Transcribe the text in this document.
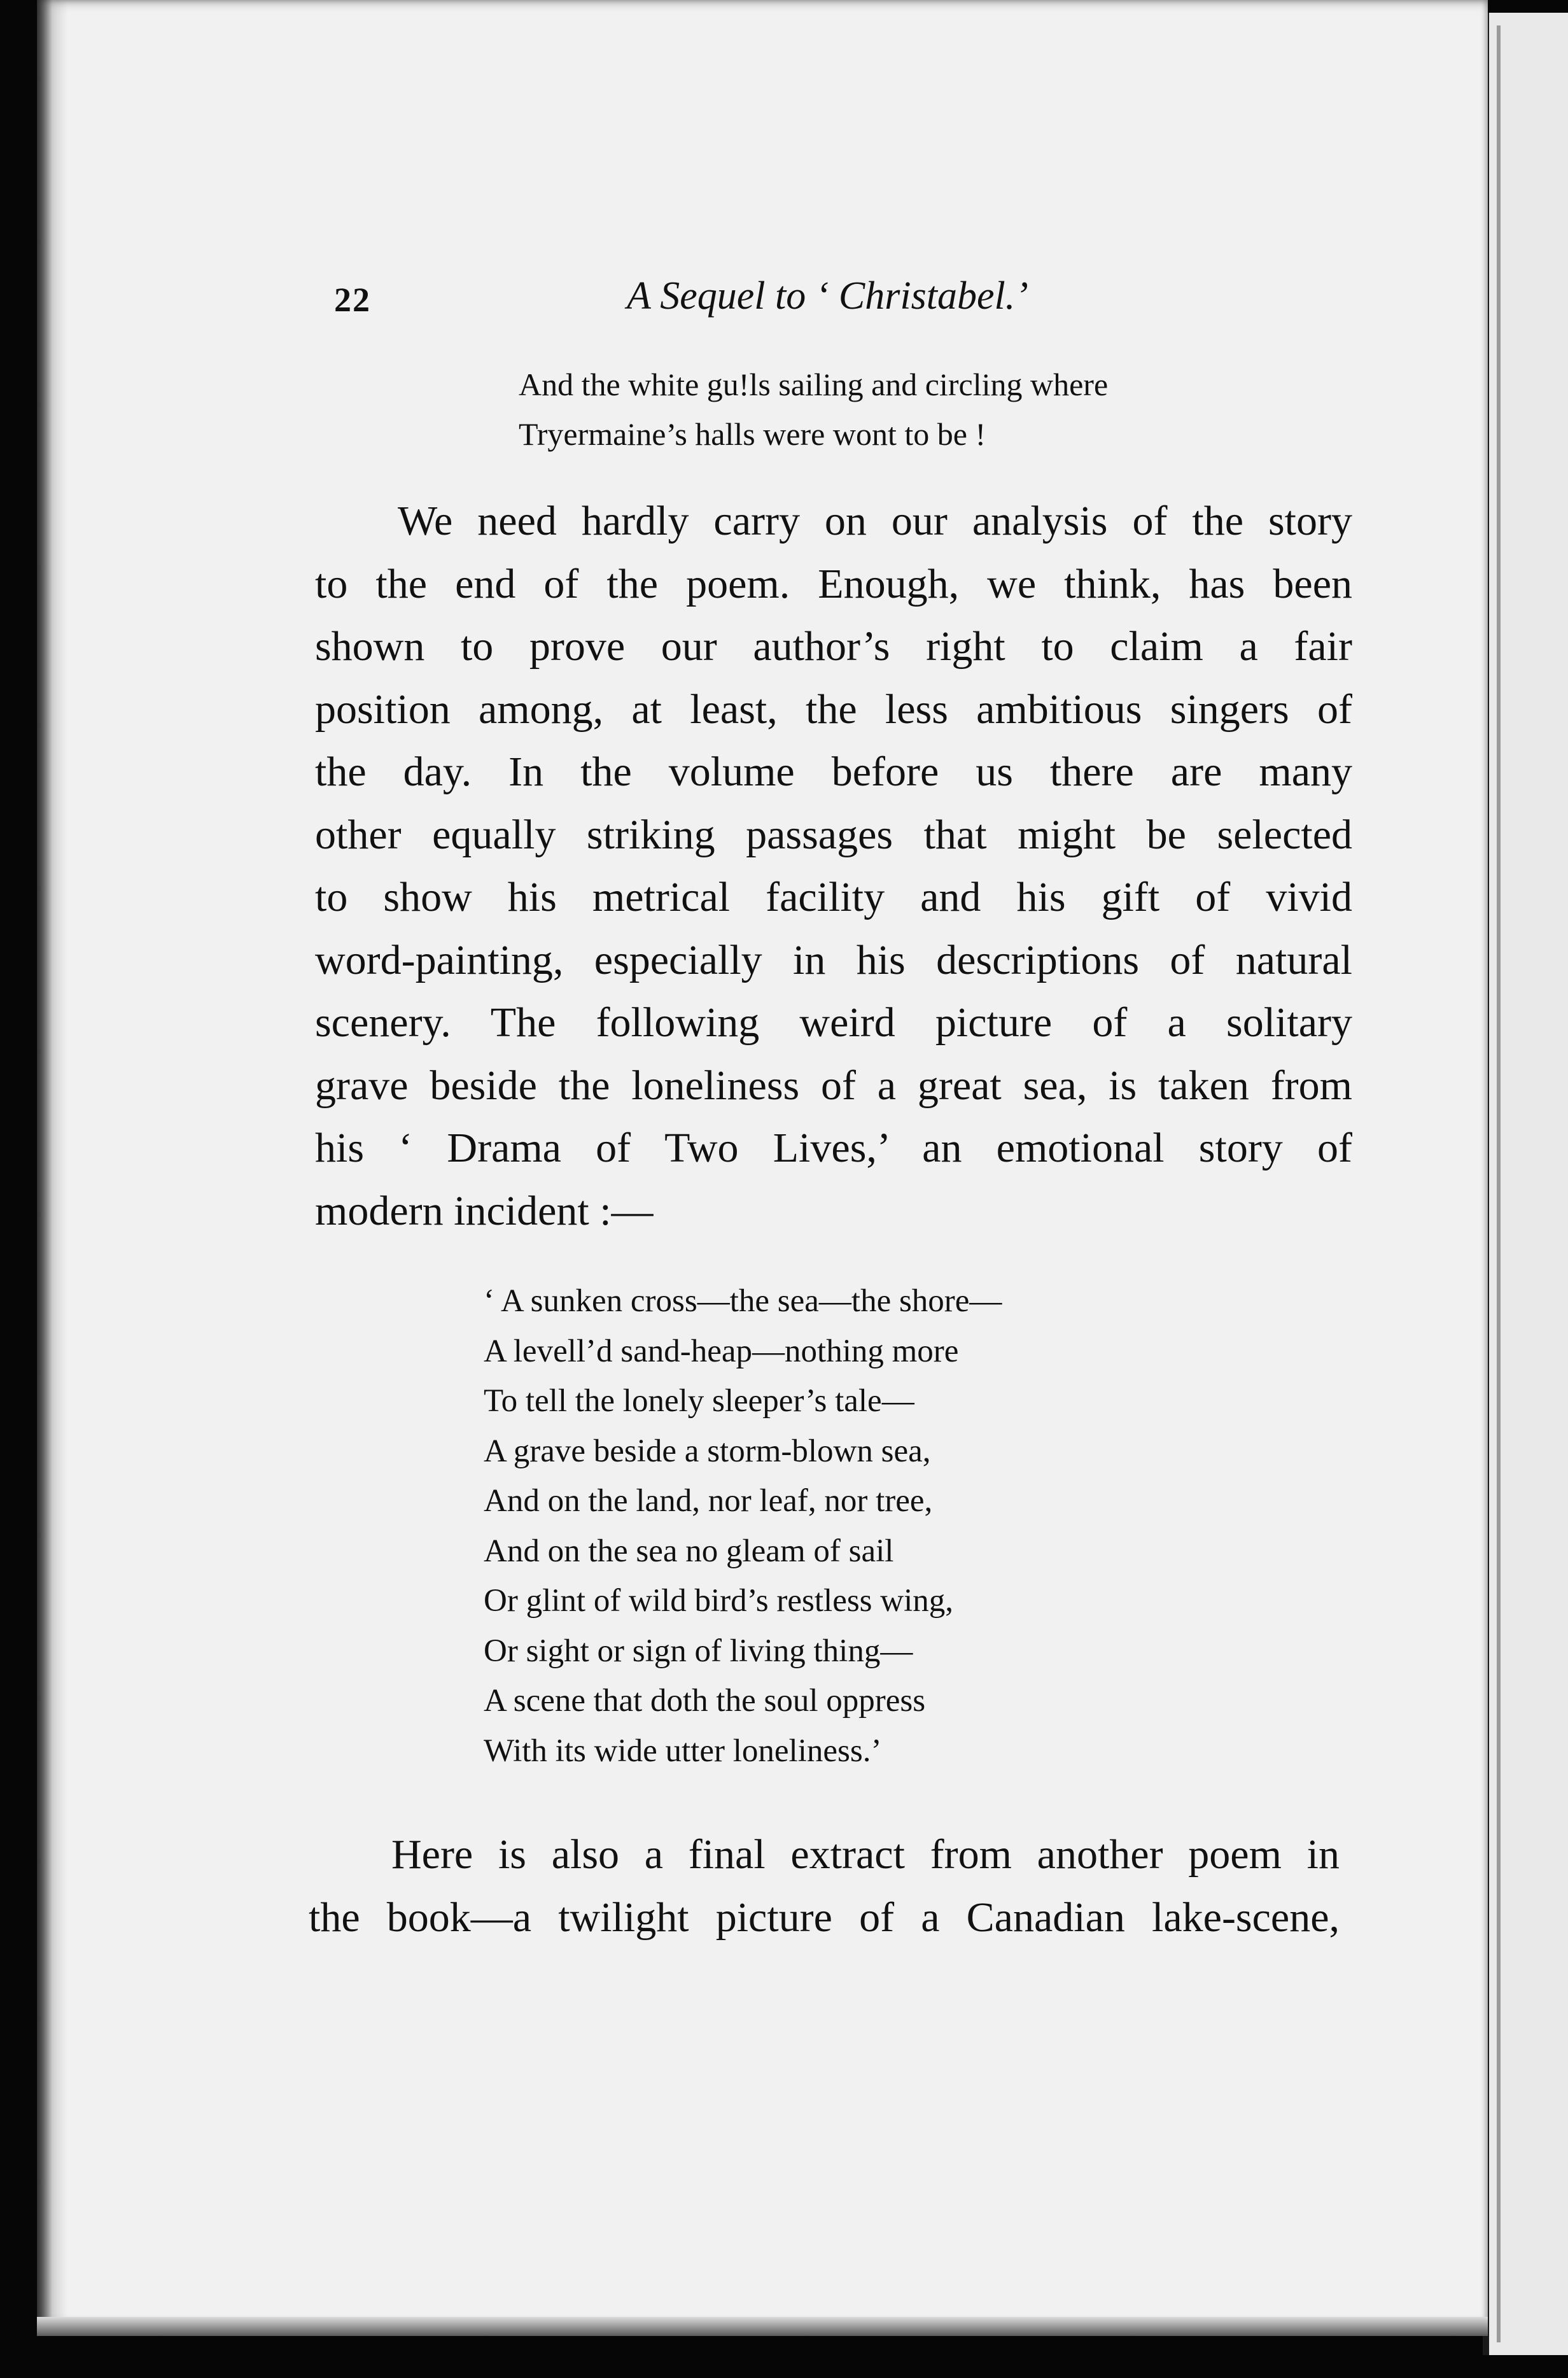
22	A Sequel to ‘ Christabel.’
And the white gu!ls sailing and circling where
Tryermaine’s halls were wont to be !
We need hardly carry on our analysis of the story
to the end of the poem. Enough, we think, has been
shown to prove our author’s right to claim a fair
position among, at least, the less ambitious singers of
the day. In the volume before us there are many
other equally striking passages that might be selected
to show his metrical facility and his gift of vivid
word-painting, especially in his descriptions of natural
scenery. The following weird picture of a solitary
grave beside the loneliness of a great sea, is taken from
his ‘ Drama of Two Lives,’ an emotional story of
modern incident :—
‘ A sunken cross—the sea—the shore—
A levell’d sand-heap—nothing more
To tell the lonely sleeper’s tale—
A grave beside a storm-blown sea,
And on the land, nor leaf, nor tree,
And on the sea no gleam of sail
Or glint of wild bird’s restless wing,
Or sight or sign of living thing—
A scene that doth the soul oppress
With its wide utter loneliness.’
Here is also a final extract from another poem in
the book—a twilight picture of a Canadian lake-scene,
